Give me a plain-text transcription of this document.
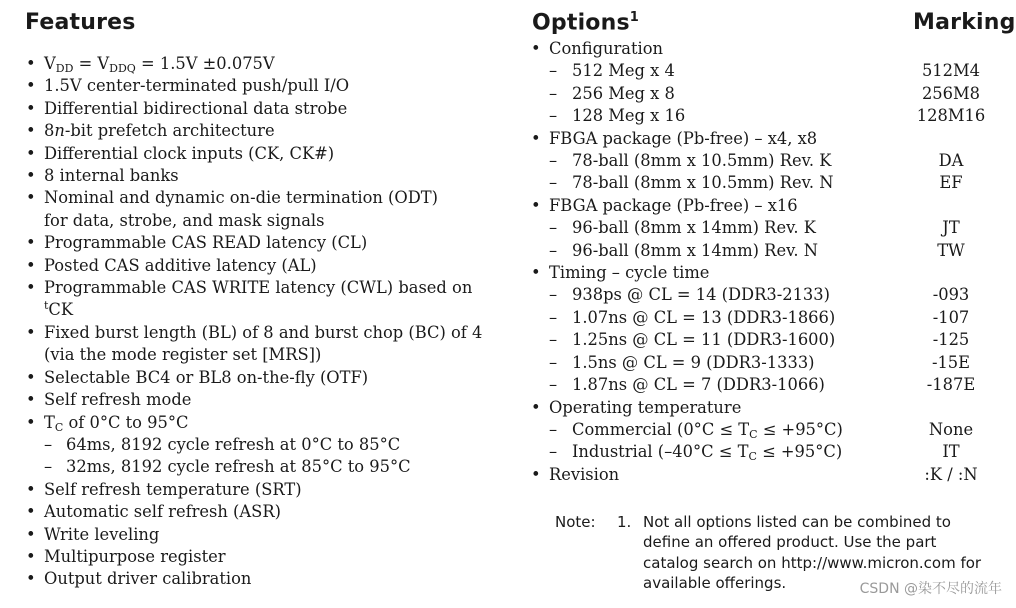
Features	Options$^1$	Marking
• $V_{DD} = V_{DDQ} = 1.5V \pm 0.075V$
• 1.5V center-terminated push/pull I/O
• Differential bidirectional data strobe
• 8n-bit prefetch architecture
• Differential clock inputs (CK, CK#)
• 8 internal banks
• Nominal and dynamic on-die termination (ODT)
for data, strobe, and mask signals
• Programmable CAS READ latency (CL)
• Posted CAS additive latency (AL)
• Programmable CAS WRITE latency (CWL) based on
$^t$CK
• Fixed burst length (BL) of 8 and burst chop (BC) of 4
(via the mode register set [MRS])
• Selectable BC4 or BL8 on-the-fly (OTF)
• Self refresh mode
• $T_C$ of 0°C to 95°C
– 64ms, 8192 cycle refresh at 0°C to 85°C
– 32ms, 8192 cycle refresh at 85°C to 95°C
• Self refresh temperature (SRT)
• Automatic self refresh (ASR)
• Write leveling
• Multipurpose register
• Output driver calibration
• Configuration
– 512 Meg x 4	512M4
– 256 Meg x 8	256M8
– 128 Meg x 16	128M16
• FBGA package (Pb-free) – x4, x8
– 78-ball (8mm x 10.5mm) Rev. K	DA
– 78-ball (8mm x 10.5mm) Rev. N	EF
• FBGA package (Pb-free) – x16
– 96-ball (8mm x 14mm) Rev. K	JT
– 96-ball (8mm x 14mm) Rev. N	TW
• Timing – cycle time
– 938ps @ CL = 14 (DDR3-2133)	-093
– 1.07ns @ CL = 13 (DDR3-1866)	-107
– 1.25ns @ CL = 11 (DDR3-1600)	-125
– 1.5ns @ CL = 9 (DDR3-1333)	-15E
– 1.87ns @ CL = 7 (DDR3-1066)	-187E
• Operating temperature
– Commercial $(0^\circ C \le T_C \le +95^\circ C)$	None
– Industrial $(-40^\circ C \le T_C \le +95^\circ C)$	IT
• Revision	:K / :N
Note: 1. Not all options listed can be combined to define an offered product. Use the part catalog search on http://www.micron.com for available offerings.	CSDN @染不尽的流年
